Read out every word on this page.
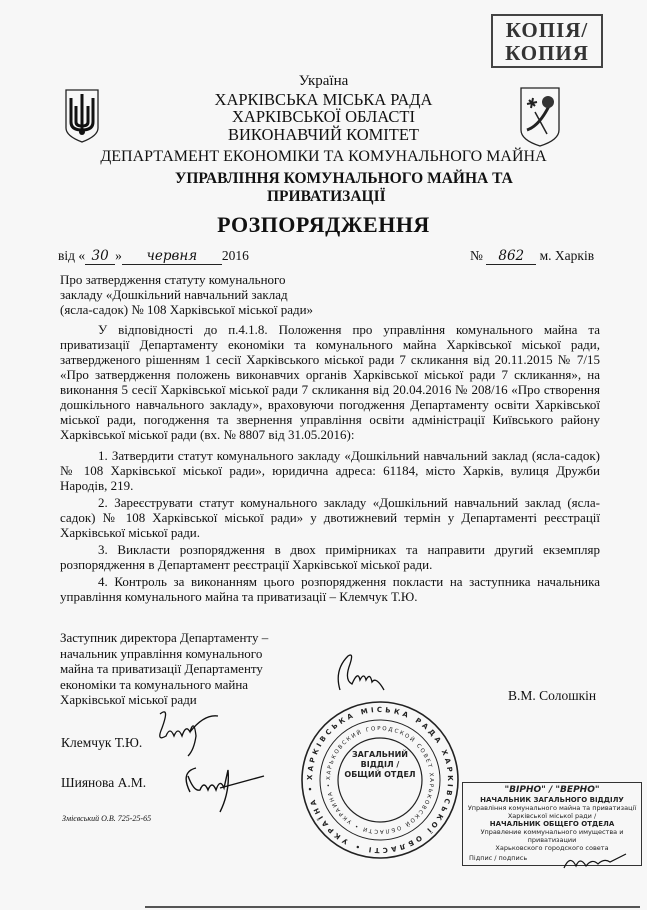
КОПІЯ/
КОПИЯ
Україна
ХАРКІВСЬКА МІСЬКА РАДА
ХАРКІВСЬКОЇ ОБЛАСТІ
ВИКОНАВЧИЙ КОМІТЕТ
ДЕПАРТАМЕНТ ЕКОНОМІКИ ТА КОМУНАЛЬНОГО МАЙНА
УПРАВЛІННЯ КОМУНАЛЬНОГО МАЙНА ТА
ПРИВАТИЗАЦІЇ
РОЗПОРЯДЖЕННЯ
від « 30 » червня 2016	№ 862 м. Харків
Про затвердження статуту комунального
закладу «Дошкільний навчальний заклад
(ясла-садок) № 108 Харківської міської ради»

У відповідності до п.4.1.8. Положення про управління комунального майна та приватизації Департаменту економіки та комунального майна Харківської міської ради, затвердженого рішенням 1 сесії Харківського міської ради 7 скликання від 20.11.2015 № 7/15 «Про затвердження положень виконавчих органів Харківської міської ради 7 скликання», на виконання 5 сесії Харківської міської ради 7 скликання від 20.04.2016 № 208/16 «Про створення дошкільного навчального закладу», враховуючи погодження Департаменту освіти Харківської міської ради, погодження та звернення управління освіти адміністрації Київського району Харківської міської ради (вх. № 8807 від 31.05.2016):

1. Затвердити статут комунального закладу «Дошкільний навчальний заклад (ясла-садок) № 108 Харківської міської ради», юридична адреса: 61184, місто Харків, вулиця Дружби Народів, 219.

2. Зареєструвати статут комунального закладу «Дошкільний навчальний заклад (ясла-садок) № 108 Харківської міської ради» у двотижневий термін у Департаменті реєстрації Харківської міської ради.

3. Викласти розпорядження в двох примірниках та направити другий екземпляр розпорядження в Департамент реєстрації Харківської міської ради.

4. Контроль за виконанням цього розпорядження покласти на заступника начальника управління комунального майна та приватизації – Клемчук Т.Ю.

Заступник директора Департаменту –
начальник управління комунального
майна та приватизації Департаменту
економіки та комунального майна
Харківської міської ради	В.М. Солошкін
ХАРКІВСЬКА МІСЬКА РАДА ХАРКІВСЬКОЇ ОБЛАСТІ • УКРАЇНА •
ХАРЬКОВСКИЙ ГОРОДСКОЙ СОВЕТ ХАРЬКОВСКОЙ ОБЛАСТИ • УКРАИНА •
ЗАГАЛЬНИЙ
ВІДДІЛ /
ОБЩИЙ ОТДЕЛ
"ВІРНО" / "ВЕРНО"
НАЧАЛЬНИК ЗАГАЛЬНОГО ВІДДІЛУ
Управління комунального майна та приватизації
Харківської міської ради /
НАЧАЛЬНИК ОБЩЕГО ОТДЕЛА
Управление коммунального имущества и приватизации
Харьковского городского совета
Підпис / подпись
Клемчук Т.Ю.
Шиянова А.М.
Змієвський О.В. 725-25-65
